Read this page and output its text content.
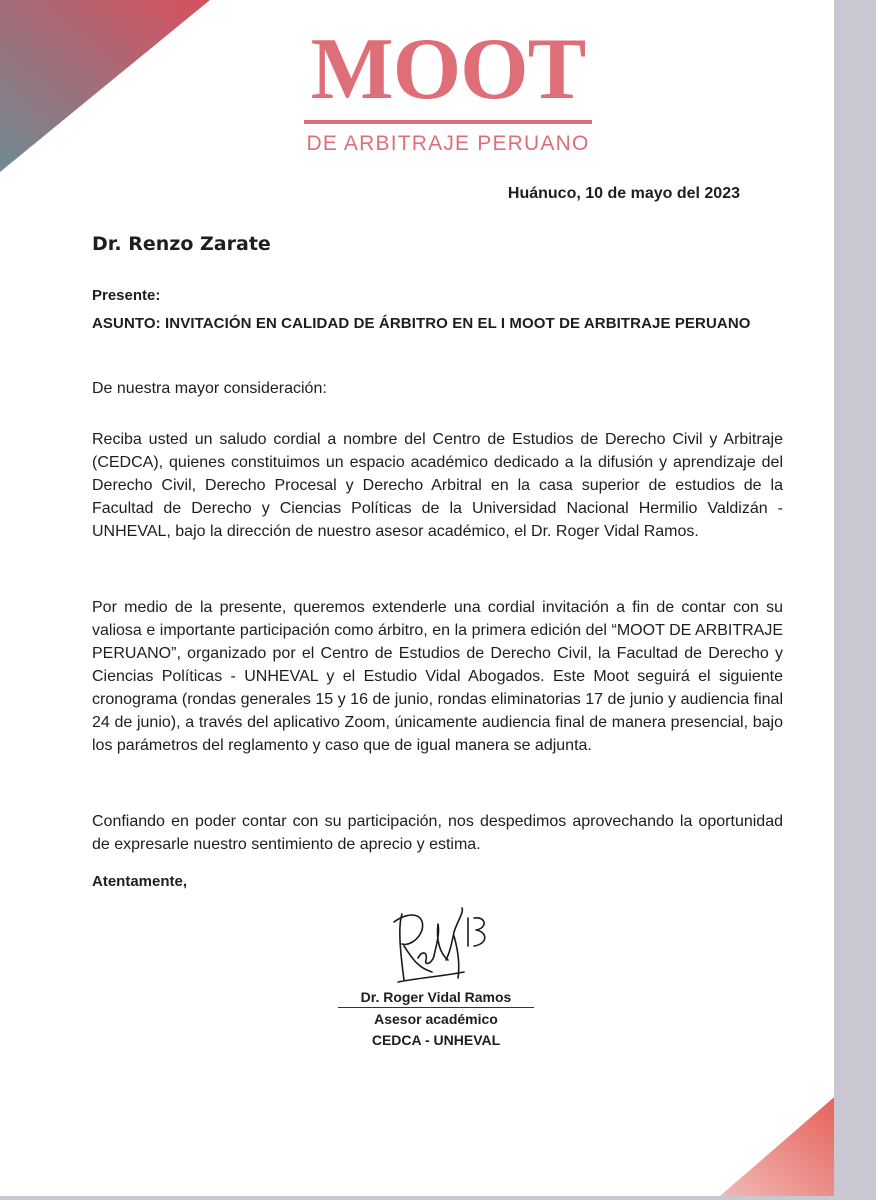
MOOT
DE ARBITRAJE PERUANO
Huánuco, 10 de mayo del 2023
Dr. Renzo Zarate
Presente:
ASUNTO: INVITACIÓN EN CALIDAD DE ÁRBITRO EN EL I MOOT DE ARBITRAJE PERUANO
De nuestra mayor consideración:

Reciba usted un saludo cordial a nombre del Centro de Estudios de Derecho Civil y Arbitraje (CEDCA), quienes constituimos un espacio académico dedicado a la difusión y aprendizaje del Derecho Civil, Derecho Procesal y Derecho Arbitral en la casa superior de estudios de la Facultad de Derecho y Ciencias Políticas de la Universidad Nacional Hermilio Valdizán - UNHEVAL, bajo la dirección de nuestro asesor académico, el Dr. Roger Vidal Ramos.

Por medio de la presente, queremos extenderle una cordial invitación a fin de contar con su valiosa e importante participación como árbitro, en la primera edición del “MOOT DE ARBITRAJE PERUANO”, organizado por el Centro de Estudios de Derecho Civil, la Facultad de Derecho y Ciencias Políticas - UNHEVAL y el Estudio Vidal Abogados. Este Moot seguirá el siguiente cronograma (rondas generales 15 y 16 de junio, rondas eliminatorias 17 de junio y audiencia final 24 de junio), a través del aplicativo Zoom, únicamente audiencia final de manera presencial, bajo los parámetros del reglamento y caso que de igual manera se adjunta.

Confiando en poder contar con su participación, nos despedimos aprovechando la oportunidad de expresarle nuestro sentimiento de aprecio y estima.

Atentamente,
Dr. Roger Vidal Ramos
Asesor académico
CEDCA - UNHEVAL
